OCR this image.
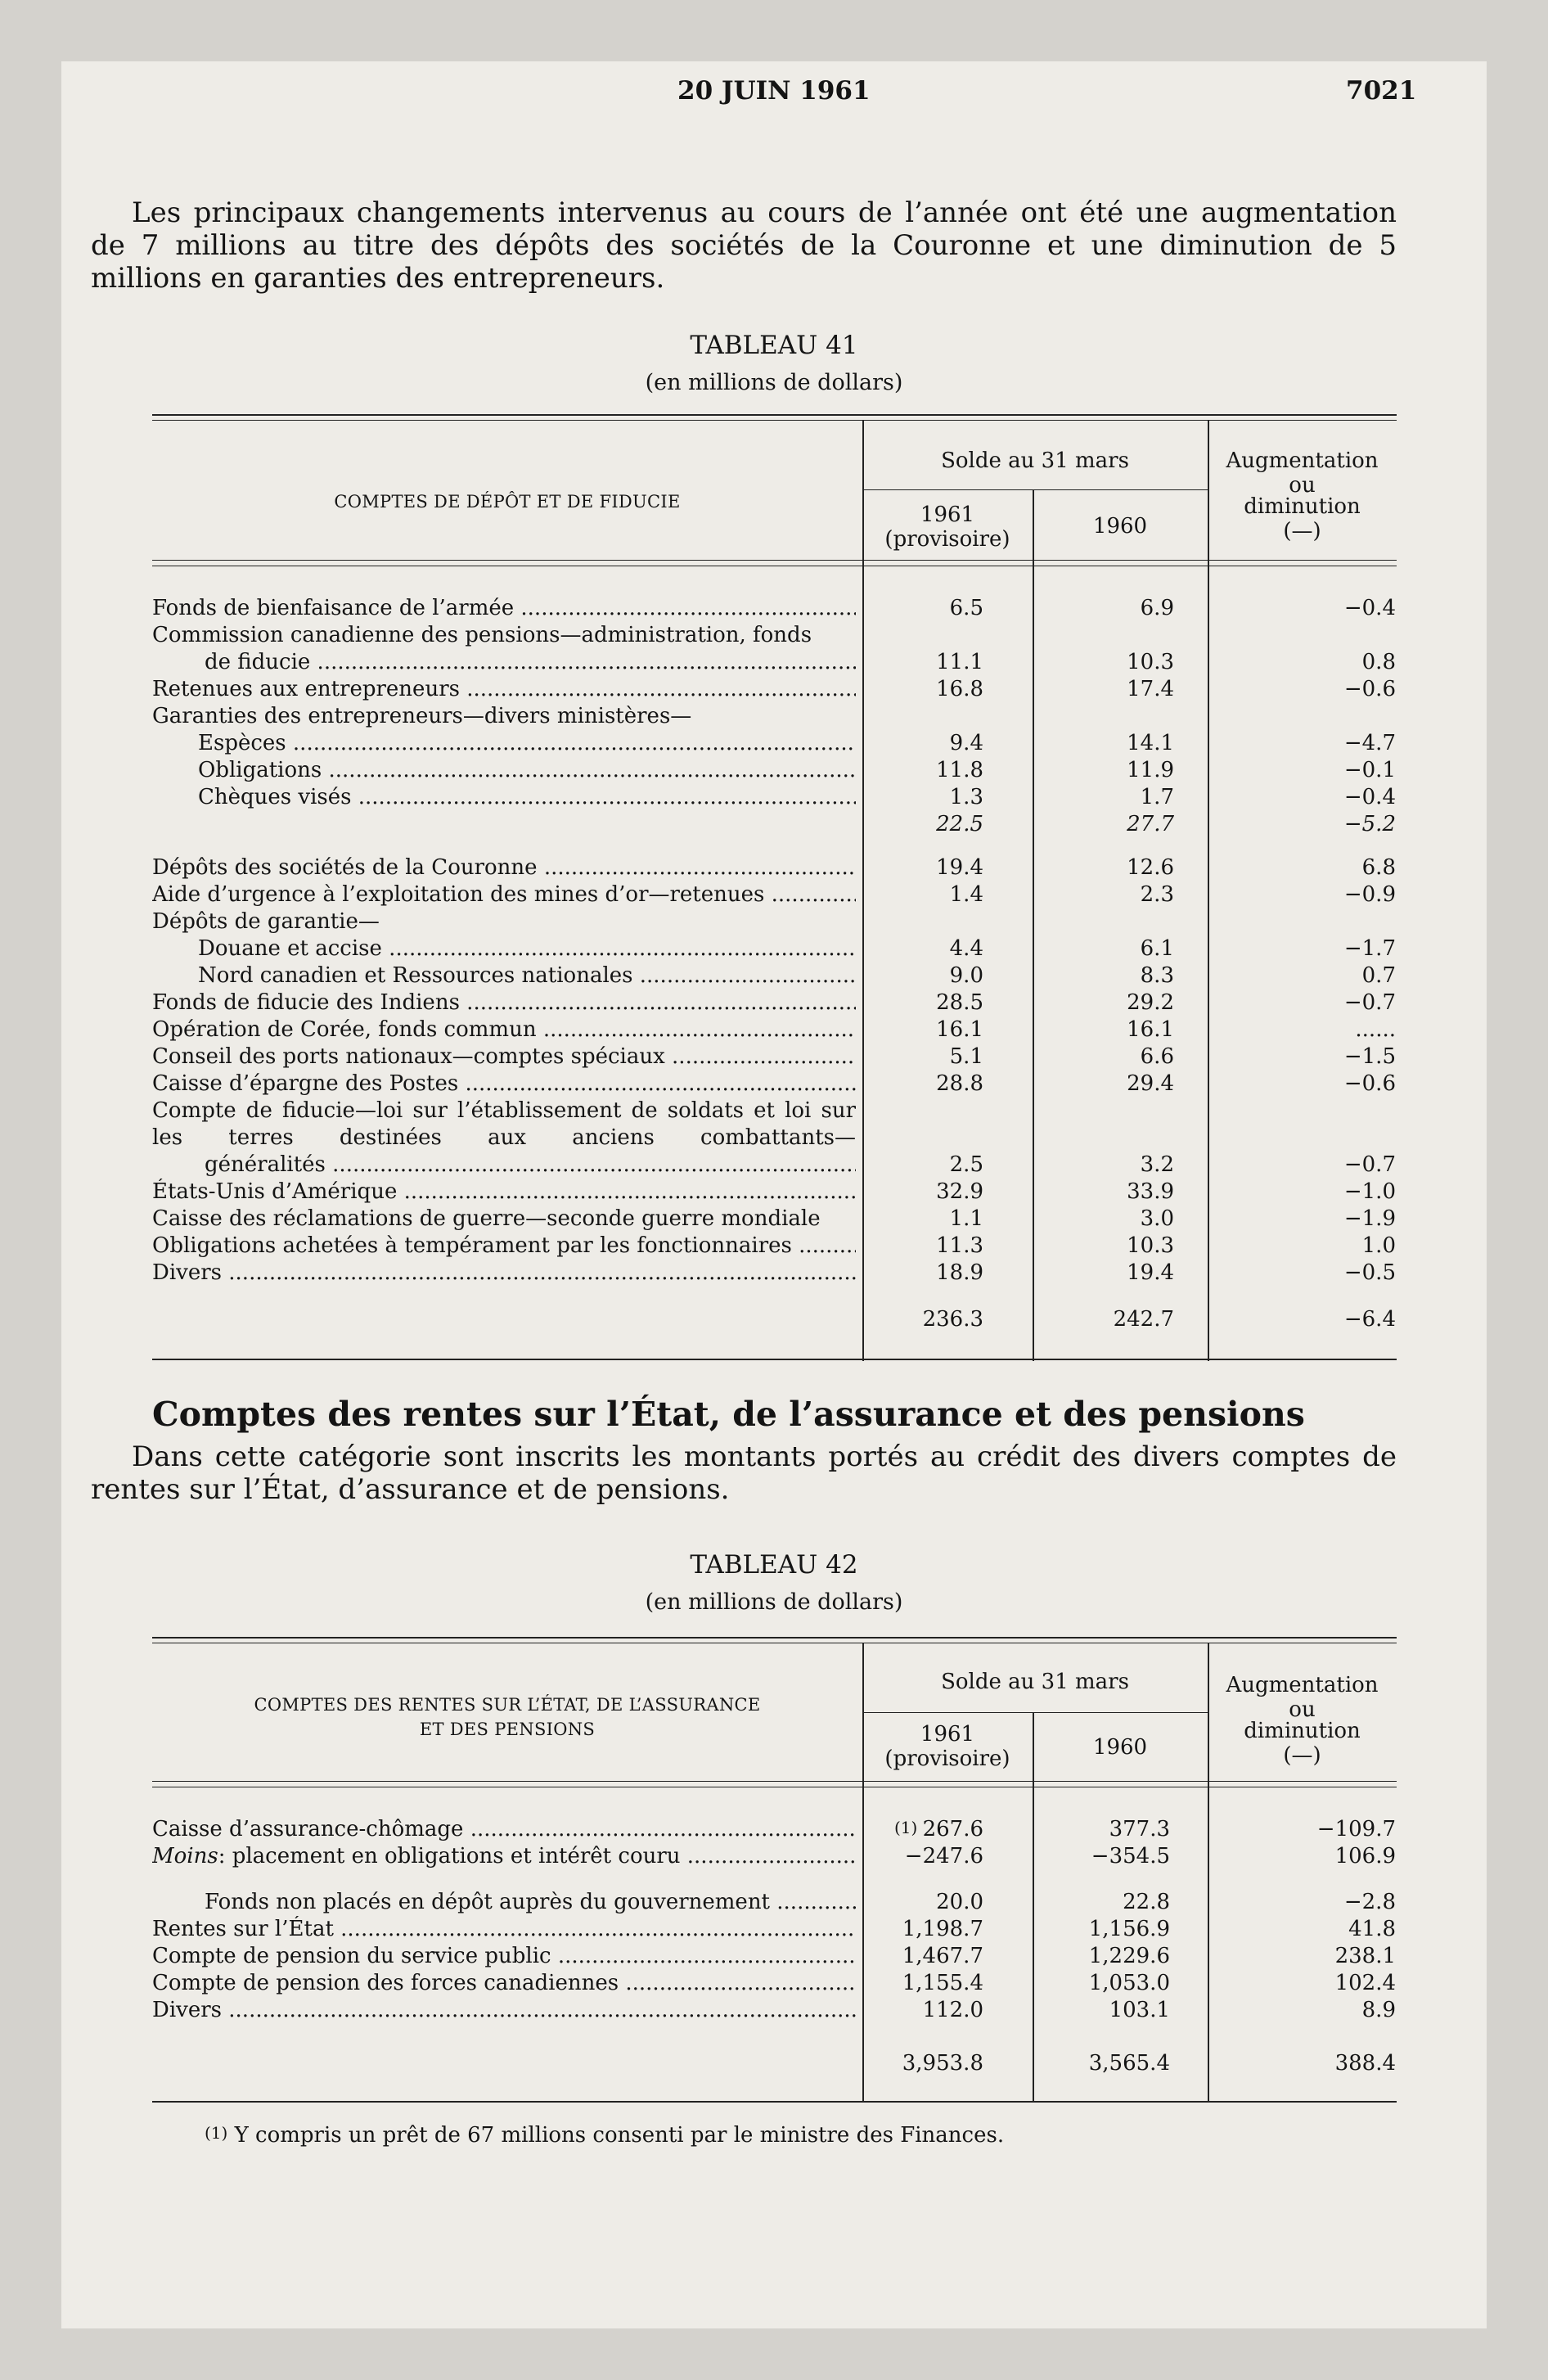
20 JUIN 1961	7021
Les principaux changements intervenus au cours de l’année ont été une augmentation de 7 millions au titre des dépôts des sociétés de la Couronne et une diminution de 5 millions en garanties des entrepreneurs.
TABLEAU 41
(en millions de dollars)
COMPTES DE DÉPÔT ET DE FIDUCIE
Solde au 31 mars
1961
(provisoire)
1960
Augmentation
ou
diminution
(—)
Fonds de bienfaisance de l’armée .....	6.5	6.9	−0.4
Commission canadienne des pensions—administration, fonds
de fiducie .....	11.1	10.3	0.8
Retenues aux entrepreneurs .....	16.8	17.4	−0.6
Garanties des entrepreneurs—divers ministères—
Espèces .....	9.4	14.1	−4.7
Obligations .....	11.8	11.9	−0.1
Chèques visés .....	1.3	1.7	−0.4
22.5	27.7	−5.2
Dépôts des sociétés de la Couronne .....	19.4	12.6	6.8
Aide d’urgence à l’exploitation des mines d’or—retenues .....	1.4	2.3	−0.9
Dépôts de garantie—
Douane et accise .....	4.4	6.1	−1.7
Nord canadien et Ressources nationales .....	9.0	8.3	0.7
Fonds de fiducie des Indiens .....	28.5	29.2	−0.7
Opération de Corée, fonds commun .....	16.1	16.1	......
Conseil des ports nationaux—comptes spéciaux .....	5.1	6.6	−1.5
Caisse d’épargne des Postes .....	28.8	29.4	−0.6
Compte de fiducie—loi sur l’établissement de soldats et loi sur les terres destinées aux anciens combattants—
généralités .....	2.5	3.2	−0.7
États-Unis d’Amérique .....	32.9	33.9	−1.0
Caisse des réclamations de guerre—seconde guerre mondiale	1.1	3.0	−1.9
Obligations achetées à tempérament par les fonctionnaires .....	11.3	10.3	1.0
Divers .....	18.9	19.4	−0.5
236.3	242.7	−6.4
Comptes des rentes sur l’État, de l’assurance et des pensions
Dans cette catégorie sont inscrits les montants portés au crédit des divers comptes de rentes sur l’État, d’assurance et de pensions.
TABLEAU 42
(en millions de dollars)
COMPTES DES RENTES SUR L’ÉTAT, DE L’ASSURANCE
ET DES PENSIONS
Solde au 31 mars
1961
(provisoire)	1960
Augmentation
ou
diminution
(—)
Caisse d’assurance-chômage .....	(1) 267.6	377.3	−109.7
Moins: placement en obligations et intérêt couru .....	−247.6	−354.5	106.9
Fonds non placés en dépôt auprès du gouvernement .....	20.0	22.8	−2.8
Rentes sur l’État .....	1,198.7	1,156.9	41.8
Compte de pension du service public .....	1,467.7	1,229.6	238.1
Compte de pension des forces canadiennes .....	1,155.4	1,053.0	102.4
Divers .....	112.0	103.1	8.9
3,953.8	3,565.4	388.4
$^{(1)}$ Y compris un prêt de 67 millions consenti par le ministre des Finances.
